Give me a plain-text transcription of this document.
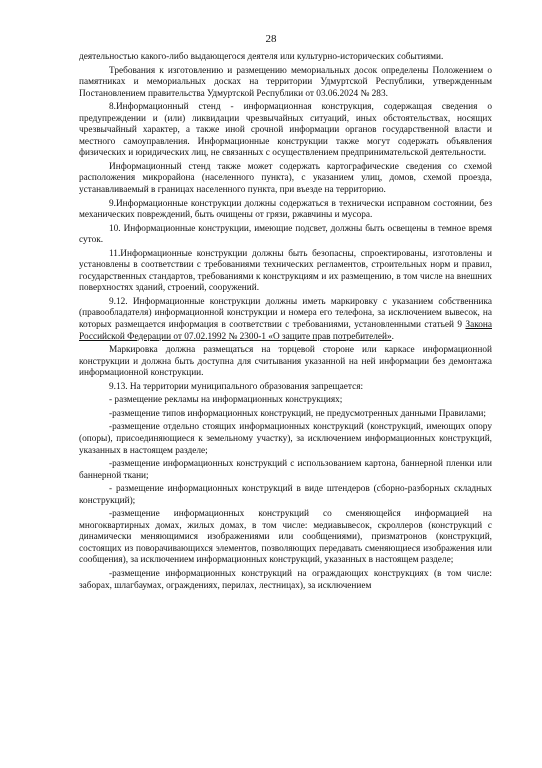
28

деятельностью какого-либо выдающегося деятеля или культурно-исторических событиями.

Требования к изготовлению и размещению мемориальных досок определены Положением о памятниках и мемориальных досках на территории Удмуртской Республики, утвержденным Постановлением правительства Удмуртской Республики от 03.06.2024 № 283.

8.Информационный стенд - информационная конструкция, содержащая сведения о предупреждении и (или) ликвидации чрезвычайных ситуаций, иных обстоятельствах, носящих чрезвычайный характер, а также иной срочной информации органов государственной власти и местного самоуправления. Информационные конструкции также могут содержать объявления физических и юридических лиц, не связанных с осуществлением предпринимательской деятельности.

Информационный стенд также может содержать картографические сведения со схемой расположения микрорайона (населенного пункта), с указанием улиц, домов, схемой проезда, устанавливаемый в границах населенного пункта, при въезде на территорию.

9.Информационные конструкции должны содержаться в технически исправном состоянии, без механических повреждений, быть очищены от грязи, ржавчины и мусора.

10. Информационные конструкции, имеющие подсвет, должны быть освещены в темное время суток.

11.Информационные конструкции должны быть безопасны, спроектированы, изготовлены и установлены в соответствии с требованиями технических регламентов, строительных норм и правил, государственных стандартов, требованиями к конструкциям и их размещению, в том числе на внешних поверхностях зданий, строений, сооружений.

9.12. Информационные конструкции должны иметь маркировку с указанием собственника (правообладателя) информационной конструкции и номера его телефона, за исключением вывесок, на которых размещается информация в соответствии с требованиями, установленными статьей 9 Закона Российской Федерации от 07.02.1992 № 2300-1 «О защите прав потребителей».

Маркировка должна размещаться на торцевой стороне или каркасе информационной конструкции и должна быть доступна для считывания указанной на ней информации без демонтажа информационной конструкции.

9.13. На территории муниципального образования запрещается:

- размещение рекламы на информационных конструкциях;

-размещение типов информационных конструкций, не предусмотренных данными Правилами;

-размещение отдельно стоящих информационных конструкций (конструкций, имеющих опору (опоры), присоединяющиеся к земельному участку), за исключением информационных конструкций, указанных в настоящем разделе;

-размещение информационных конструкций с использованием картона, баннерной пленки или баннерной ткани;

- размещение информационных конструкций в виде штендеров (сборно-разборных складных конструкций);

-размещение информационных конструкций со сменяющейся информацией на многоквартирных домах, жилых домах, в том числе: медиавывесок, скроллеров (конструкций с динамически меняющимися изображениями или сообщениями), призматронов (конструкций, состоящих из поворачивающихся элементов, позволяющих передавать сменяющиеся изображения или сообщения), за исключением информационных конструкций, указанных в настоящем разделе;

-размещение информационных конструкций на ограждающих конструкциях (в том числе: заборах, шлагбаумах, ограждениях, перилах, лестницах), за исключением
